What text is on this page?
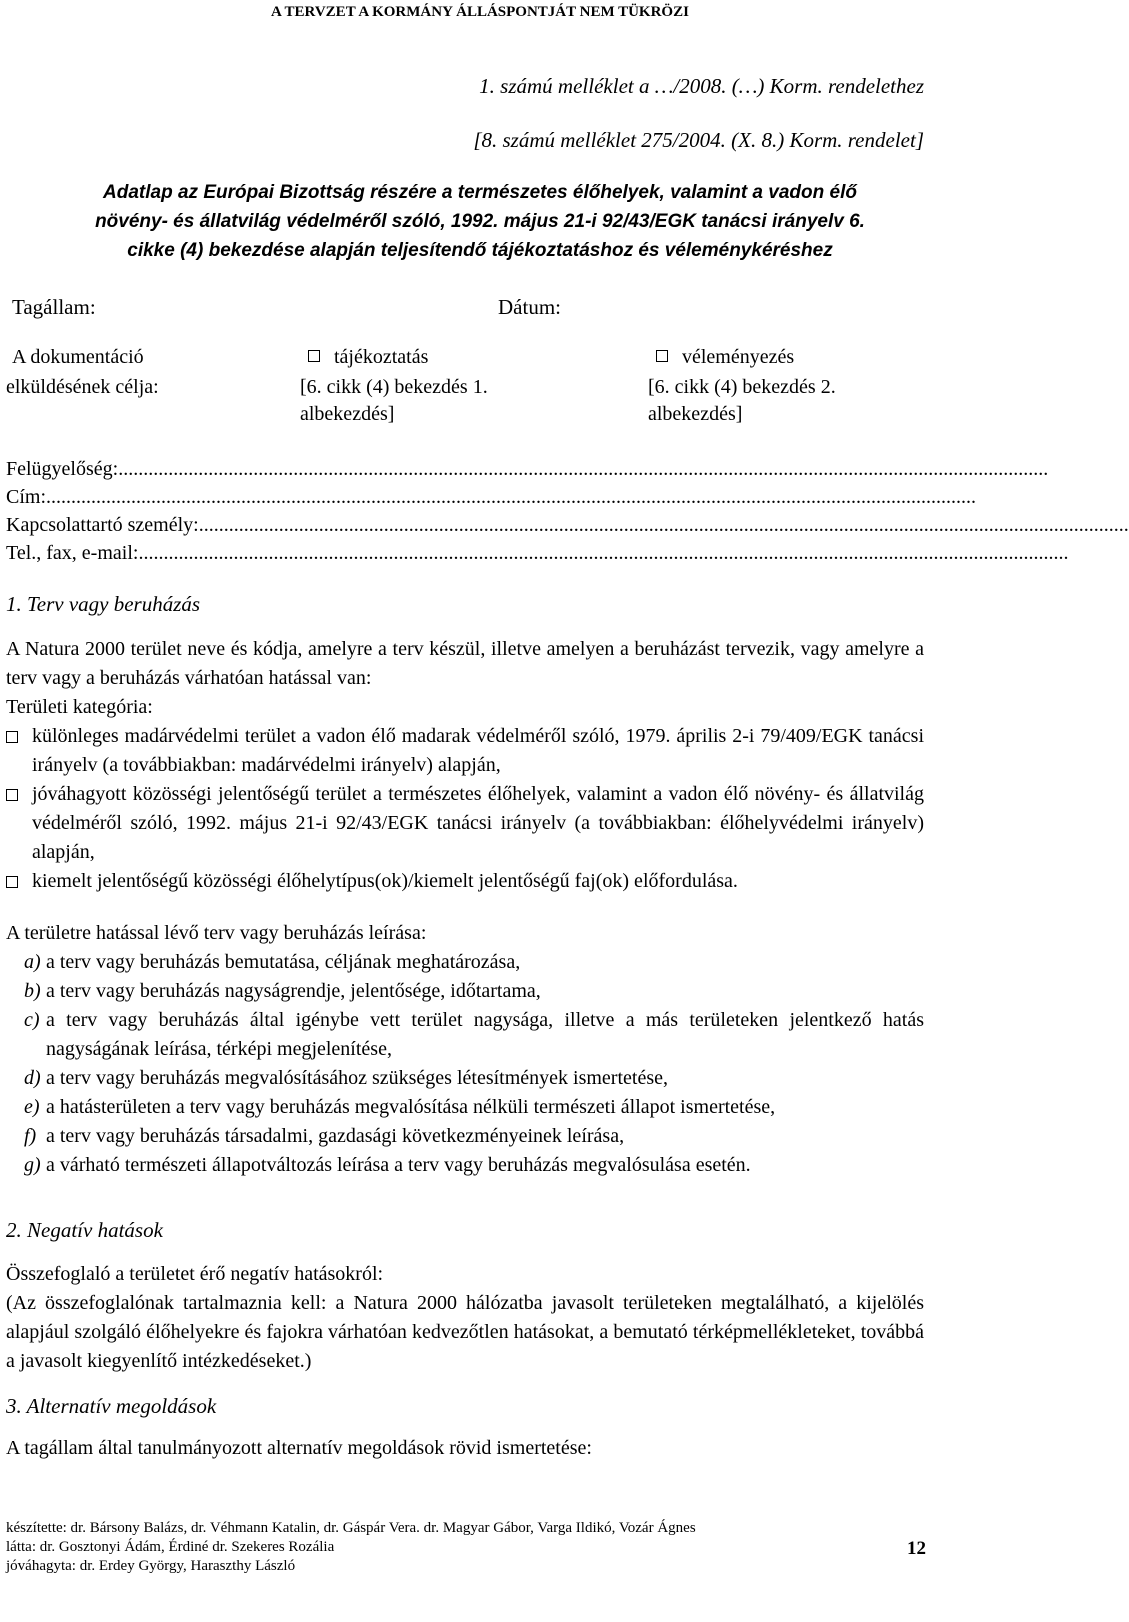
A TERVZET A KORMÁNY ÁLLÁSPONTJÁT NEM TÜKRÖZI
1. számú melléklet a …/2008. (…) Korm. rendelethez
[8. számú melléklet 275/2004. (X. 8.) Korm. rendelet]
Adatlap az Európai Bizottság részére a természetes élőhelyek, valamint a vadon élő
növény- és állatvilág védelméről szóló, 1992. május 21-i 92/43/EGK tanácsi irányelv 6.
cikke (4) bekezdése alapján teljesítendő tájékoztatáshoz és véleménykéréshez
Tagállam:	Dátum:
A dokumentáció
elküldésének célja:
tájékoztatás
[6. cikk (4) bekezdés 1.
albekezdés]
véleményezés
[6. cikk (4) bekezdés 2.
albekezdés]
Felügyelőség: ..........................................................................................................................................................................................
Cím: ..........................................................................................................................................................................................
Kapcsolattartó személy: ..........................................................................................................................................................................................
Tel., fax, e-mail: ..........................................................................................................................................................................................
1. Terv vagy beruházás
A Natura 2000 terület neve és kódja, amelyre a terv készül, illetve amelyen a beruházást tervezik, vagy amelyre a terv vagy a beruházás várhatóan hatással van:
Területi kategória:
különleges madárvédelmi terület a vadon élő madarak védelméről szóló, 1979. április 2-i 79/409/EGK tanácsi irányelv (a továbbiakban: madárvédelmi irányelv) alapján,
jóváhagyott közösségi jelentőségű terület a természetes élőhelyek, valamint a vadon élő növény- és állatvilág védelméről szóló, 1992. május 21-i 92/43/EGK tanácsi irányelv (a továbbiakban: élőhelyvédelmi irányelv) alapján,
kiemelt jelentőségű közösségi élőhelytípus(ok)/kiemelt jelentőségű faj(ok) előfordulása.
A területre hatással lévő terv vagy beruházás leírása:
a) a terv vagy beruházás bemutatása, céljának meghatározása,
b) a terv vagy beruházás nagyságrendje, jelentősége, időtartama,
c) a terv vagy beruházás által igénybe vett terület nagysága, illetve a más területeken jelentkező hatás nagyságának leírása, térképi megjelenítése,
d) a terv vagy beruházás megvalósításához szükséges létesítmények ismertetése,
e) a hatásterületen a terv vagy beruházás megvalósítása nélküli természeti állapot ismertetése,
f) a terv vagy beruházás társadalmi, gazdasági következményeinek leírása,
g) a várható természeti állapotváltozás leírása a terv vagy beruházás megvalósulása esetén.
2. Negatív hatások
Összefoglaló a területet érő negatív hatásokról:
(Az összefoglalónak tartalmaznia kell: a Natura 2000 hálózatba javasolt területeken megtalálható, a kijelölés alapjául szolgáló élőhelyekre és fajokra várhatóan kedvezőtlen hatásokat, a bemutató térképmellékleteket, továbbá a javasolt kiegyenlítő intézkedéseket.)
3. Alternatív megoldások
A tagállam által tanulmányozott alternatív megoldások rövid ismertetése:
készítette: dr. Bársony Balázs, dr. Véhmann Katalin, dr. Gáspár Vera. dr. Magyar Gábor, Varga Ildikó, Vozár Ágnes
látta: dr. Gosztonyi Ádám, Érdiné dr. Szekeres Rozália
jóváhagyta: dr. Erdey György, Haraszthy László
12
